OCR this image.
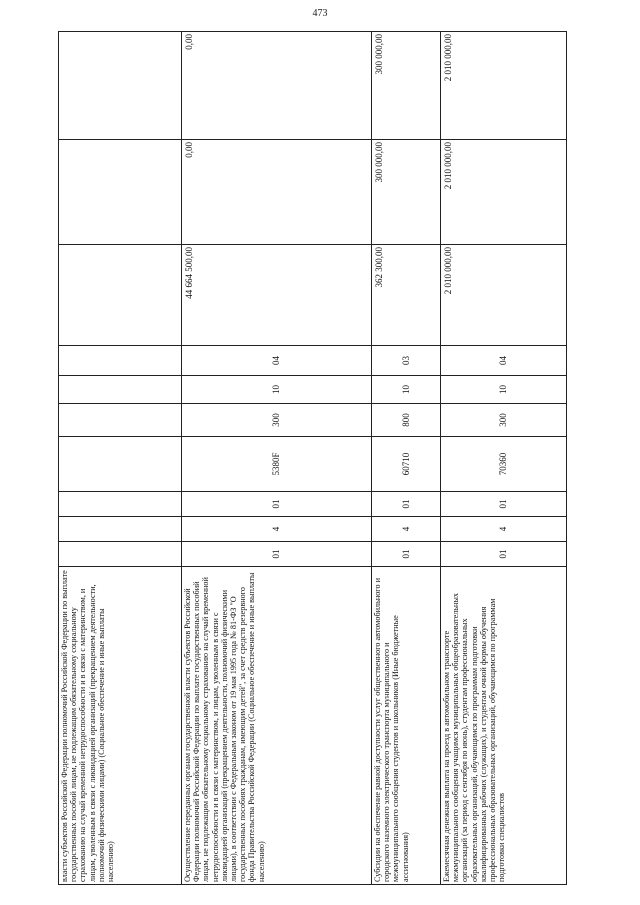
473
власти субъектов Российской Федерации полномочий Российской Федерации по выплате государственных пособий лицам, не подлежащим обязательному социальному страхованию на случай временной нетрудоспособности и в связи с материнством, и лицам, уволенным в связи с ликвидацией организаций (прекращением деятельности, полномочий физическими лицами) (Социальное обеспечение и иные выплаты населению)										
Осуществление переданных органам государственной власти субъектов Российской Федерации полномочий Российской Федерации по выплате государственных пособий лицам, не подлежащим обязательному социальному страхованию на случай временной нетрудоспособности и в связи с материнством, и лицам, уволенным в связи с ликвидацией организаций (прекращением деятельности, полномочий физическими лицами), в соответствии с Федеральным законом от 19 мая 1995 года № 81-ФЗ "О государственных пособиях гражданам, имеющим детей", за счет средств резервного фонда Правительства Российской Федерации (Социальное обеспечение и иные выплаты населению)	01	4	01	5380F	300	10	04	44 664 500,00	0,00	0,00
Субсидии на обеспечение равной доступности услуг общественного автомобильного и городского наземного электрического транспорта муниципального и межмуниципального сообщения студентов и школьников (Иные бюджетные ассигнования)	01	4	01	60710	800	10	03	362 300,00	300 000,00	300 000,00
Ежемесячная денежная выплата на проезд в автомобильном транспорте межмуниципального сообщения учащимся муниципальных общеобразовательных организаций (за период с сентября по июнь), студентам профессиональных образовательных организаций, обучающимся по программам подготовки квалифицированных рабочих (служащих), и студентам очной формы обучения профессиональных образовательных организаций, обучающимся по программам подготовки специалистов	01	4	01	70360	300	10	04	2 010 000,00	2 010 000,00	2 010 000,00
